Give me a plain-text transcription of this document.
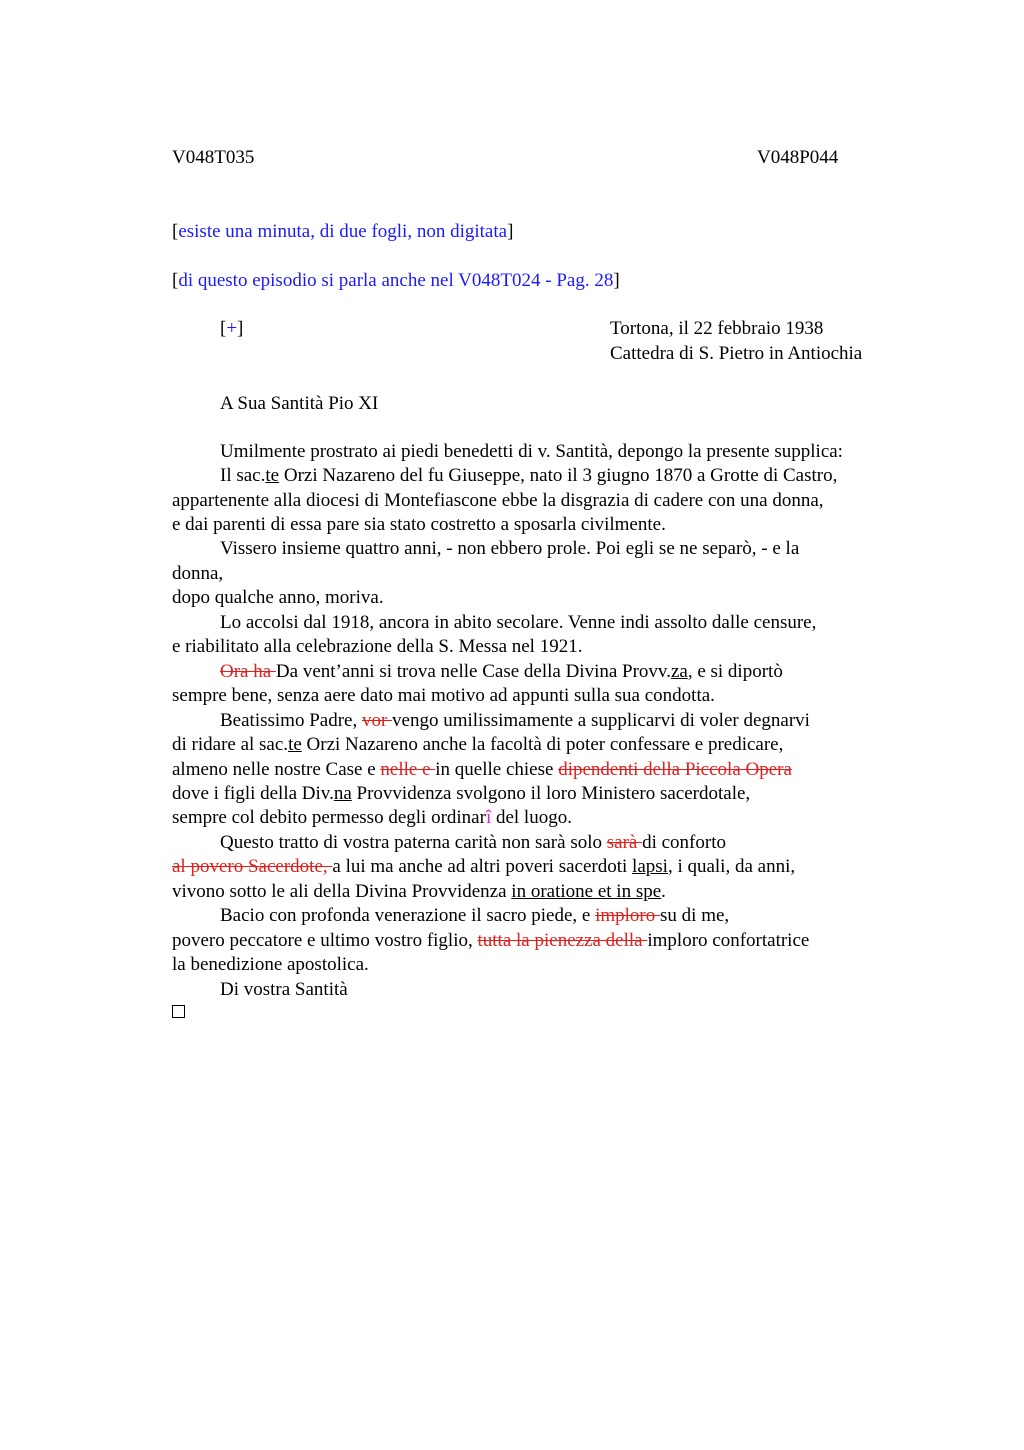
V048T035	V048P044
[esiste una minuta, di due fogli, non digitata]
[di questo episodio si parla anche nel V048T024 - Pag. 28]
[+]	Tortona, il 22 febbraio 1938
Cattedra di S. Pietro in Antiochia
A Sua Santità Pio XI
Umilmente prostrato ai piedi benedetti di v. Santità, depongo la presente supplica:
Il sac.te Orzi Nazareno del fu Giuseppe, nato il 3 giugno 1870 a Grotte di Castro,
appartenente alla diocesi di Montefiascone ebbe la disgrazia di cadere con una donna,
e dai parenti di essa pare sia stato costretto a sposarla civilmente.
Vissero insieme quattro anni, - non ebbero prole. Poi egli se ne separò, - e la
donna,
dopo qualche anno, moriva.
Lo accolsi dal 1918, ancora in abito secolare. Venne indi assolto dalle censure,
e riabilitato alla celebrazione della S. Messa nel 1921.
Ora ha Da vent’anni si trova nelle Case della Divina Provv.za, e si diportò
sempre bene, senza aere dato mai motivo ad appunti sulla sua condotta.
Beatissimo Padre, vor vengo umilissimamente a supplicarvi di voler degnarvi
di ridare al sac.te Orzi Nazareno anche la facoltà di poter confessare e predicare,
almeno nelle nostre Case e nelle e in quelle chiese dipendenti della Piccola Opera
dove i figli della Div.na Provvidenza svolgono il loro Ministero sacerdotale,
sempre col debito permesso degli ordinarî del luogo.
Questo tratto di vostra paterna carità non sarà solo sarà di conforto
al povero Sacerdote, a lui ma anche ad altri poveri sacerdoti lapsi, i quali, da anni,
vivono sotto le ali della Divina Provvidenza in oratione et in spe.
Bacio con profonda venerazione il sacro piede, e imploro su di me,
povero peccatore e ultimo vostro figlio, tutta la pienezza della imploro confortatrice
la benedizione apostolica.
Di vostra Santità
